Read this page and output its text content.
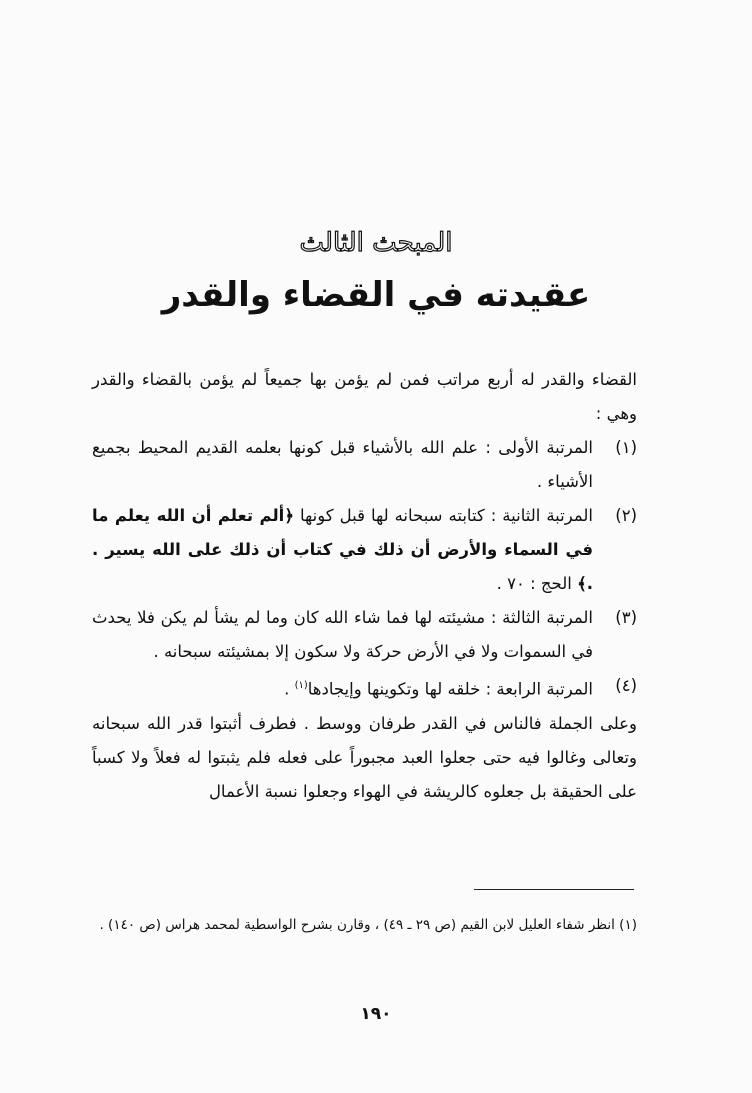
المبحث الثالث
عقيدته في القضاء والقدر

القضاء والقدر له أربع مراتب فمن لم يؤمن بها جميعاً لم يؤمن بالقضاء والقدر وهي :

(١)
المرتبة الأولى : علم الله بالأشياء قبل كونها بعلمه القديم المحيط بجميع الأشياء .
(٢)
المرتبة الثانية : كتابته سبحانه لها قبل كونها ﴿ألم تعلم أن الله يعلم ما في السماء والأرض أن ذلك في كتاب أن ذلك على الله يسير . .﴾ الحج : ٧٠ .
(٣)
المرتبة الثالثة : مشيئته لها فما شاء الله كان وما لم يشأ لم يكن فلا يحدث في السموات ولا في الأرض حركة ولا سكون إلا بمشيئته سبحانه .
(٤)
المرتبة الرابعة : خلقه لها وتكوينها وإيجادها$^{(١)}$ .

وعلى الجملة فالناس في القدر طرفان ووسط . فطرف أثبتوا قدر الله سبحانه وتعالى وغالوا فيه حتى جعلوا العبد مجبوراً على فعله فلم يثبتوا له فعلاً ولا كسباً على الحقيقة بل جعلوه كالريشة في الهواء وجعلوا نسبة الأعمال

(١) انظر شفاء العليل لابن القيم (ص ٢٩ ـ ٤٩) ، وقارن بشرح الواسطية لمحمد هراس (ص ١٤٠) .
١٩٠
